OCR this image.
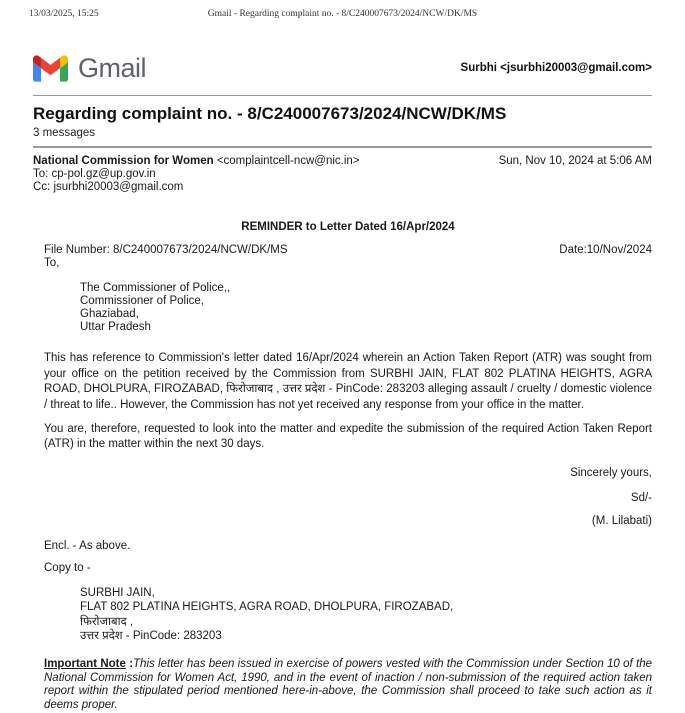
13/03/2025, 15:25	Gmail - Regarding complaint no. - 8/C240007673/2024/NCW/DK/MS
Gmail	Surbhi <jsurbhi20003@gmail.com>
Regarding complaint no. - 8/C240007673/2024/NCW/DK/MS
3 messages
National Commission for Women <complaintcell-ncw@nic.in>	Sun, Nov 10, 2024 at 5:06 AM
To: cp-pol.gz@up.gov.in
Cc: jsurbhi20003@gmail.com
REMINDER to Letter Dated 16/Apr/2024
File Number: 8/C240007673/2024/NCW/DK/MS	Date:10/Nov/2024
To,
The Commissioner of Police,,
Commissioner of Police,
Ghaziabad,
Uttar Pradesh

This has reference to Commission's letter dated 16/Apr/2024 wherein an Action Taken Report (ATR) was sought from your office on the petition received by the Commission from SURBHI JAIN, FLAT 802 PLATINA HEIGHTS, AGRA ROAD, DHOLPURA, FIROZABAD, फिरोजाबाद , उत्तर प्रदेश - PinCode: 283203 alleging assault / cruelty / domestic violence / threat to life.. However, the Commission has not yet received any response from your office in the matter.

You are, therefore, requested to look into the matter and expedite the submission of the required Action Taken Report (ATR) in the matter within the next 30 days.

Sincerely yours,
Sd/-
(M. Lilabati)
Encl. - As above.
Copy to -
SURBHI JAIN,
FLAT 802 PLATINA HEIGHTS, AGRA ROAD, DHOLPURA, FIROZABAD,
फिरोजाबाद ,
उत्तर प्रदेश - PinCode: 283203

Important Note :This letter has been issued in exercise of powers vested with the Commission under Section 10 of the National Commission for Women Act, 1990, and in the event of inaction / non-submission of the required action taken report within the stipulated period mentioned here-in-above, the Commission shall proceed to take such action as it deems proper.
